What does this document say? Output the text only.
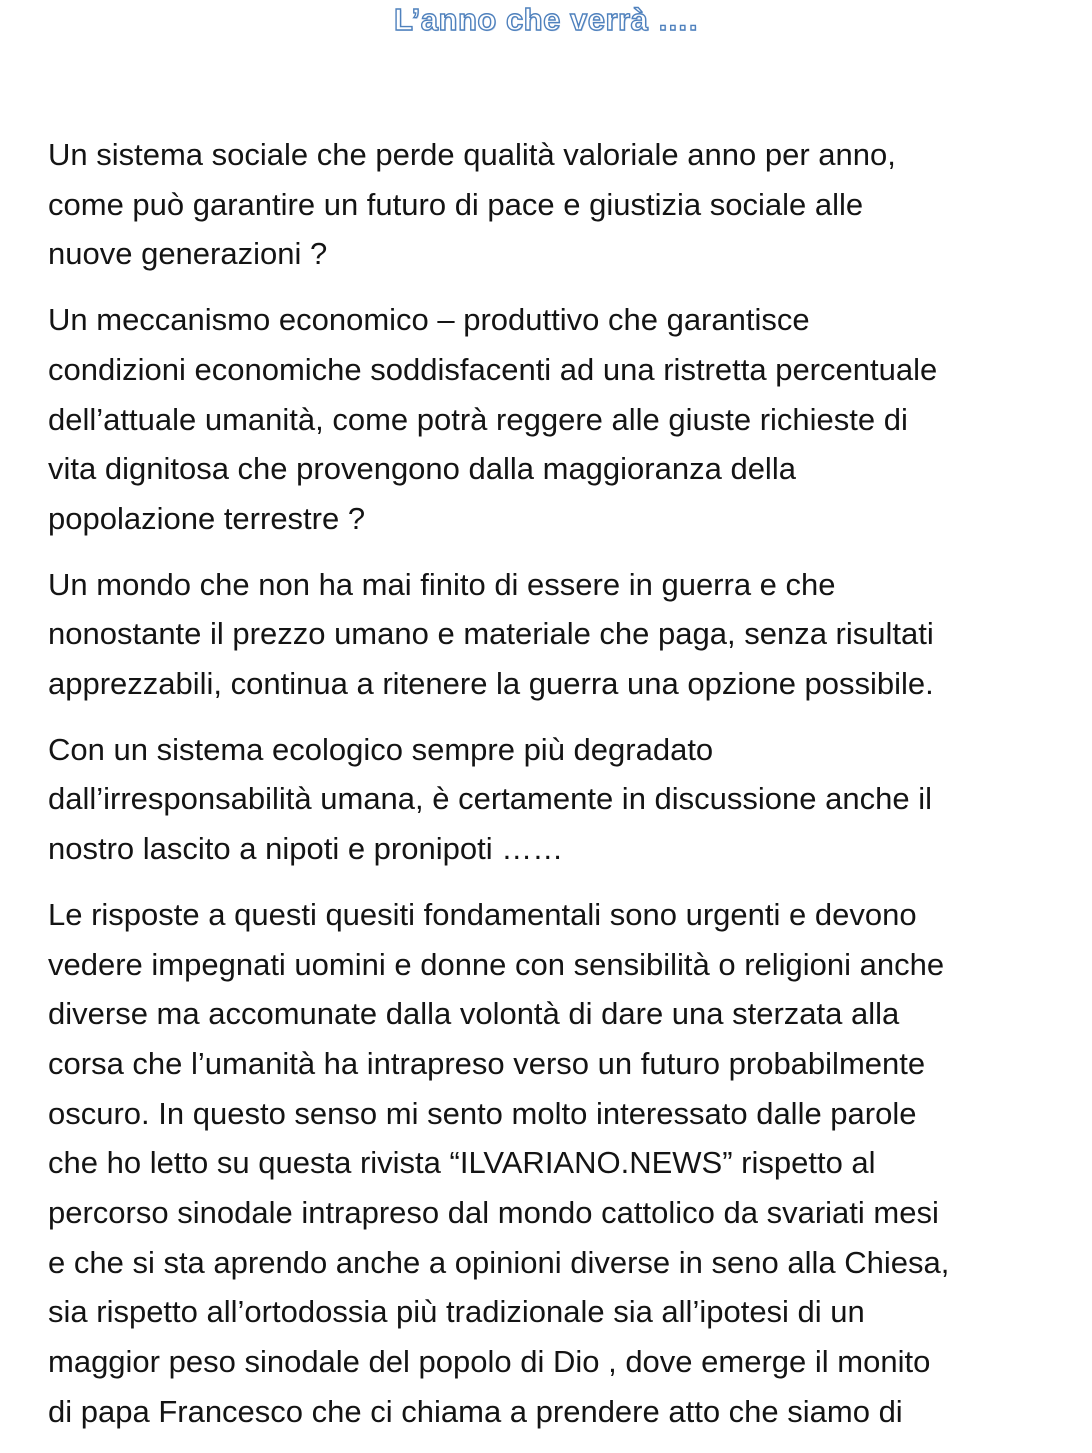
L’anno che verrà ….

Un sistema sociale che perde qualità valoriale anno per anno,
come può garantire un futuro di pace e giustizia sociale alle
nuove generazioni ?

Un meccanismo economico – produttivo che garantisce
condizioni economiche soddisfacenti ad una ristretta percentuale
dell’attuale umanità, come potrà reggere alle giuste richieste di
vita dignitosa che provengono dalla maggioranza della
popolazione terrestre ?

Un mondo che non ha mai finito di essere in guerra e che
nonostante il prezzo umano e materiale che paga, senza risultati
apprezzabili, continua a ritenere la guerra una opzione possibile.

Con un sistema ecologico sempre più degradato
dall’irresponsabilità umana, è certamente in discussione anche il
nostro lascito a nipoti e pronipoti ……

Le risposte a questi quesiti fondamentali sono urgenti e devono
vedere impegnati uomini e donne con sensibilità o religioni anche
diverse ma accomunate dalla volontà di dare una sterzata alla
corsa che l’umanità ha intrapreso verso un futuro probabilmente
oscuro. In questo senso mi sento molto interessato dalle parole
che ho letto su questa rivista “ILVARIANO.NEWS” rispetto al
percorso sinodale intrapreso dal mondo cattolico da svariati mesi
e che si sta aprendo anche a opinioni diverse in seno alla Chiesa,
sia rispetto all’ortodossia più tradizionale sia all’ipotesi di un
maggior peso sinodale del popolo di Dio , dove emerge il monito
di papa Francesco che ci chiama a prendere atto che siamo di
